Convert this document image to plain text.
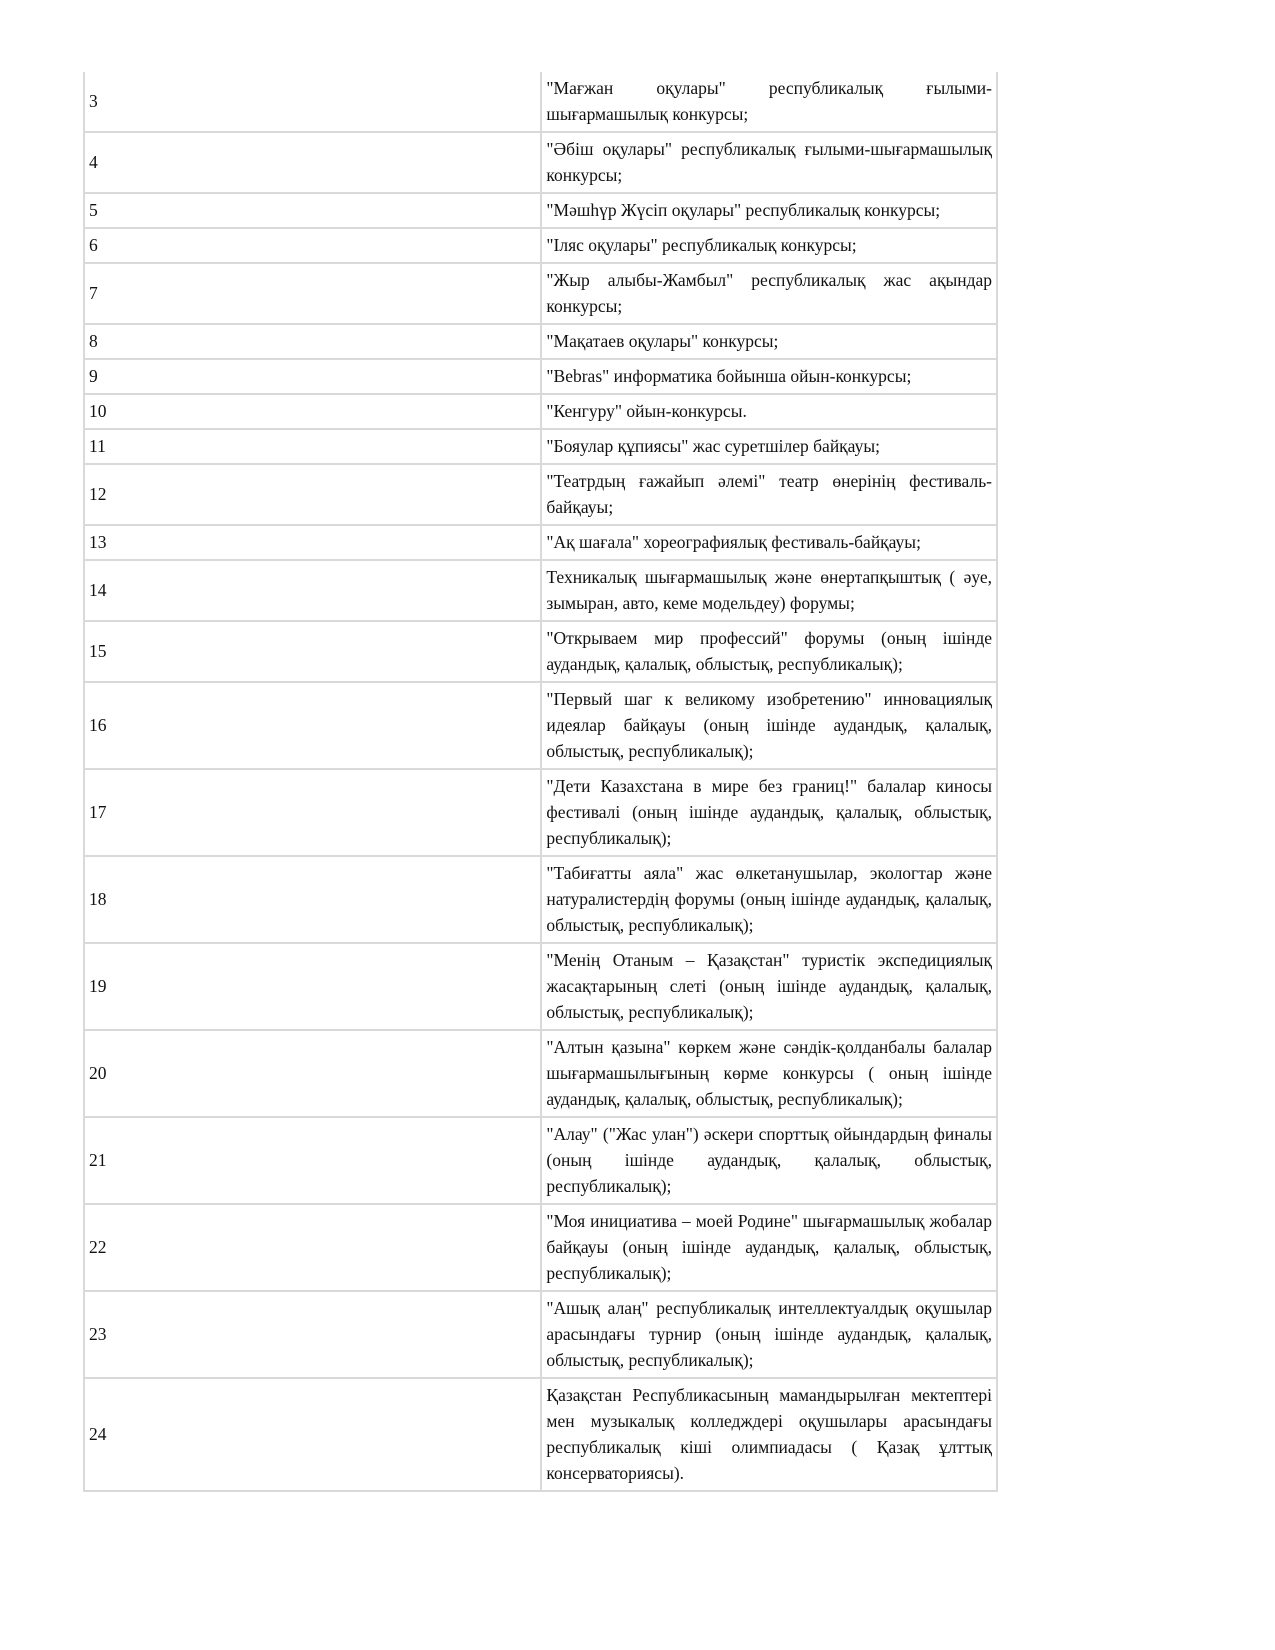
3	"Мағжан оқулары" республикалық ғылыми-шығармашылық конкурсы;
4	"Әбіш оқулары" республикалық ғылыми-шығармашылық конкурсы;
5	"Мәшһүр Жүсіп оқулары" республикалық конкурсы;
6	"Іляс оқулары" республикалық конкурсы;
7	"Жыр алыбы-Жамбыл" республикалық жас ақындар конкурсы;
8	"Мақатаев оқулары" конкурсы;
9	"Bebras" информатика бойынша ойын-конкурсы;
10	"Кенгуру" ойын-конкурсы.
11	"Бояулар құпиясы" жас суретшілер байқауы;
12	"Театрдың ғажайып әлемі" театр өнерінің фестиваль-байқауы;
13	"Ақ шағала" хореографиялық фестиваль-байқауы;
14	Техникалық шығармашылық және өнертапқыштық ( әуе, зымыран, авто, кеме модельдеу) форумы;
15	"Открываем мир профессий" форумы (оның ішінде аудандық, қалалық, облыстық, республикалық);
16	"Первый шаг к великому изобретению" инновациялық идеялар байқауы (оның ішінде аудандық, қалалық, облыстық, республикалық);
17	"Дети Казахстана в мире без границ!" балалар киносы фестивалі (оның ішінде аудандық, қалалық, облыстық, республикалық);
18	"Табиғатты аяла" жас өлкетанушылар, экологтар және натуралистердің форумы (оның ішінде аудандық, қалалық, облыстық, республикалық);
19	"Менің Отаным – Қазақстан" туристік экспедициялық жасақтарының слеті (оның ішінде аудандық, қалалық, облыстық, республикалық);
20	"Алтын қазына" көркем және сәндік-қолданбалы балалар шығармашылығының көрме конкурсы ( оның ішінде аудандық, қалалық, облыстық, республикалық);
21	"Алау" ("Жас улан") әскери спорттық ойындардың финалы (оның ішінде аудандық, қалалық, облыстық, республикалық);
22	"Моя инициатива – моей Родине" шығармашылық жобалар байқауы (оның ішінде аудандық, қалалық, облыстық, республикалық);
23	"Ашық алаң" республикалық интеллектуалдық оқушылар арасындағы турнир (оның ішінде аудандық, қалалық, облыстық, республикалық);
24	Қазақстан Республикасының мамандырылған мектептері мен музыкалық колледждері оқушылары арасындағы республикалық кіші олимпиадасы ( Қазақ ұлттық консерваториясы).
